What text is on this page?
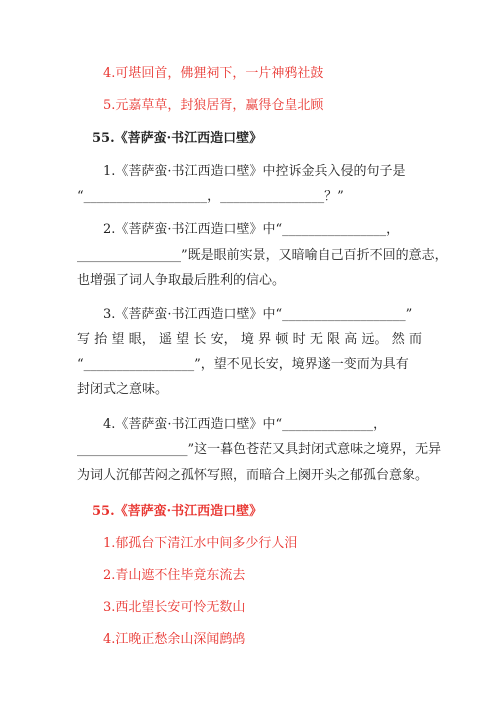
4.可堪回首，佛狸祠下，一片神鸦社鼓
5.元嘉草草，封狼居胥，赢得仓皇北顾
55.《菩萨蛮·书江西造口壁》
1.《菩萨蛮·书江西造口壁》中控诉金兵入侵的句子是
“___________________，________________？”
2.《菩萨蛮·书江西造口壁》中“________________，
________________”既是眼前实景，又暗喻自己百折不回的意志，
也增强了词人争取最后胜利的信心。
3.《菩萨蛮·书江西造口壁》中“___________________”
写 抬 望 眼， 遥 望 长 安， 境 界 顿 时 无 限 高 远。 然 而
“_________________”，望不见长安，境界遂一变而为具有
封闭式之意味。
4.《菩萨蛮·书江西造口壁》中“______________，
_________________”这一暮色苍茫又具封闭式意味之境界，无异
为词人沉郁苦闷之孤怀写照，而暗合上阕开头之郁孤台意象。
55.《菩萨蛮·书江西造口壁》
1.郁孤台下清江水中间多少行人泪
2.青山遮不住毕竟东流去
3.西北望长安可怜无数山
4.江晚正愁余山深闻鹧鸪
